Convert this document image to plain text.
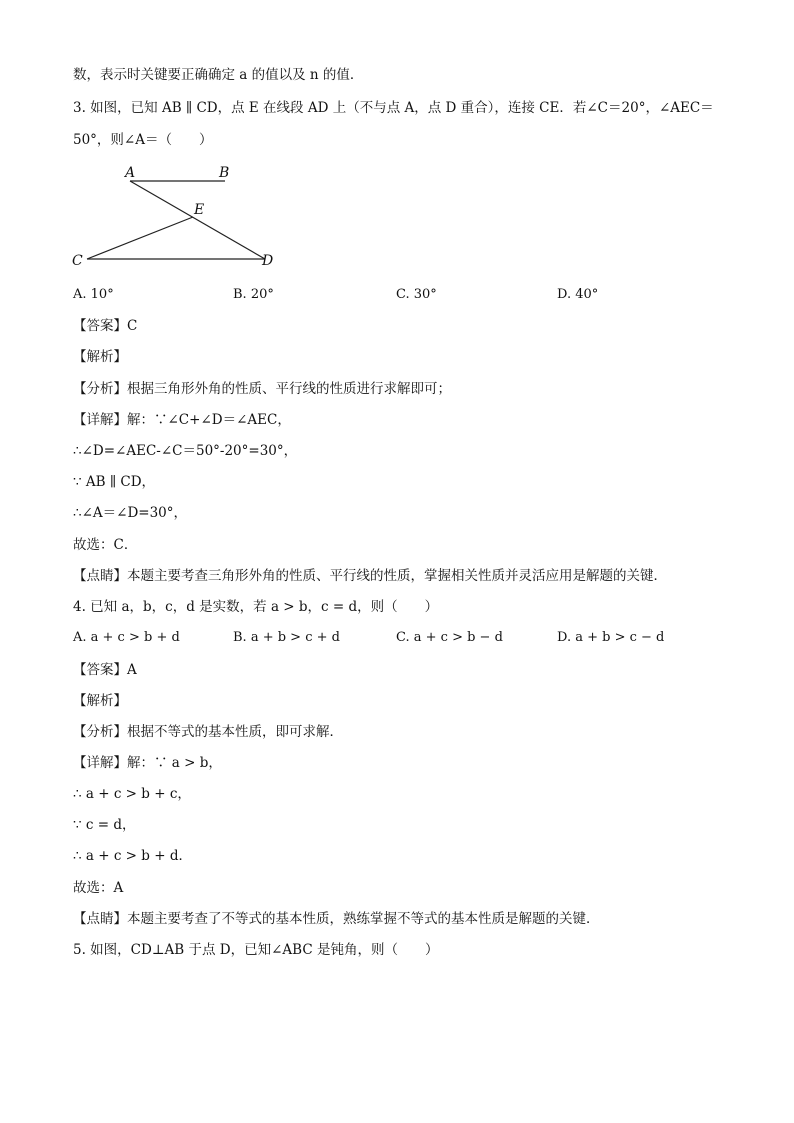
数，表示时关键要正确确定 a 的值以及 n 的值．
3. 如图，已知 AB ∥ CD，点 E 在线段 AD 上（不与点 A，点 D 重合），连接 CE．若∠C＝20°，∠AEC＝
50°，则∠A＝（　　）
A	B
E
C	D
A. 10°	B. 20°	C. 30°	D. 40°
【答案】C
【解析】
【分析】根据三角形外角的性质、平行线的性质进行求解即可；
【详解】解：∵∠C+∠D＝∠AEC，
∴∠D=∠AEC-∠C＝50°-20°=30°，
∵ AB ∥ CD，
∴∠A＝∠D=30°，
故选：C．
【点睛】本题主要考查三角形外角的性质、平行线的性质，掌握相关性质并灵活应用是解题的关键．
4. 已知 a，b，c，d 是实数，若 a > b，c = d，则（　　）
A. a + c > b + d	B. a + b > c + d	C. a + c > b − d	D. a + b > c − d
【答案】A
【解析】
【分析】根据不等式的基本性质，即可求解．
【详解】解：∵ a > b，
∴ a + c > b + c，
∵ c = d，
∴ a + c > b + d．
故选：A
【点睛】本题主要考查了不等式的基本性质，熟练掌握不等式的基本性质是解题的关键．
5. 如图，CD⊥AB 于点 D，已知∠ABC 是钝角，则（　　）
